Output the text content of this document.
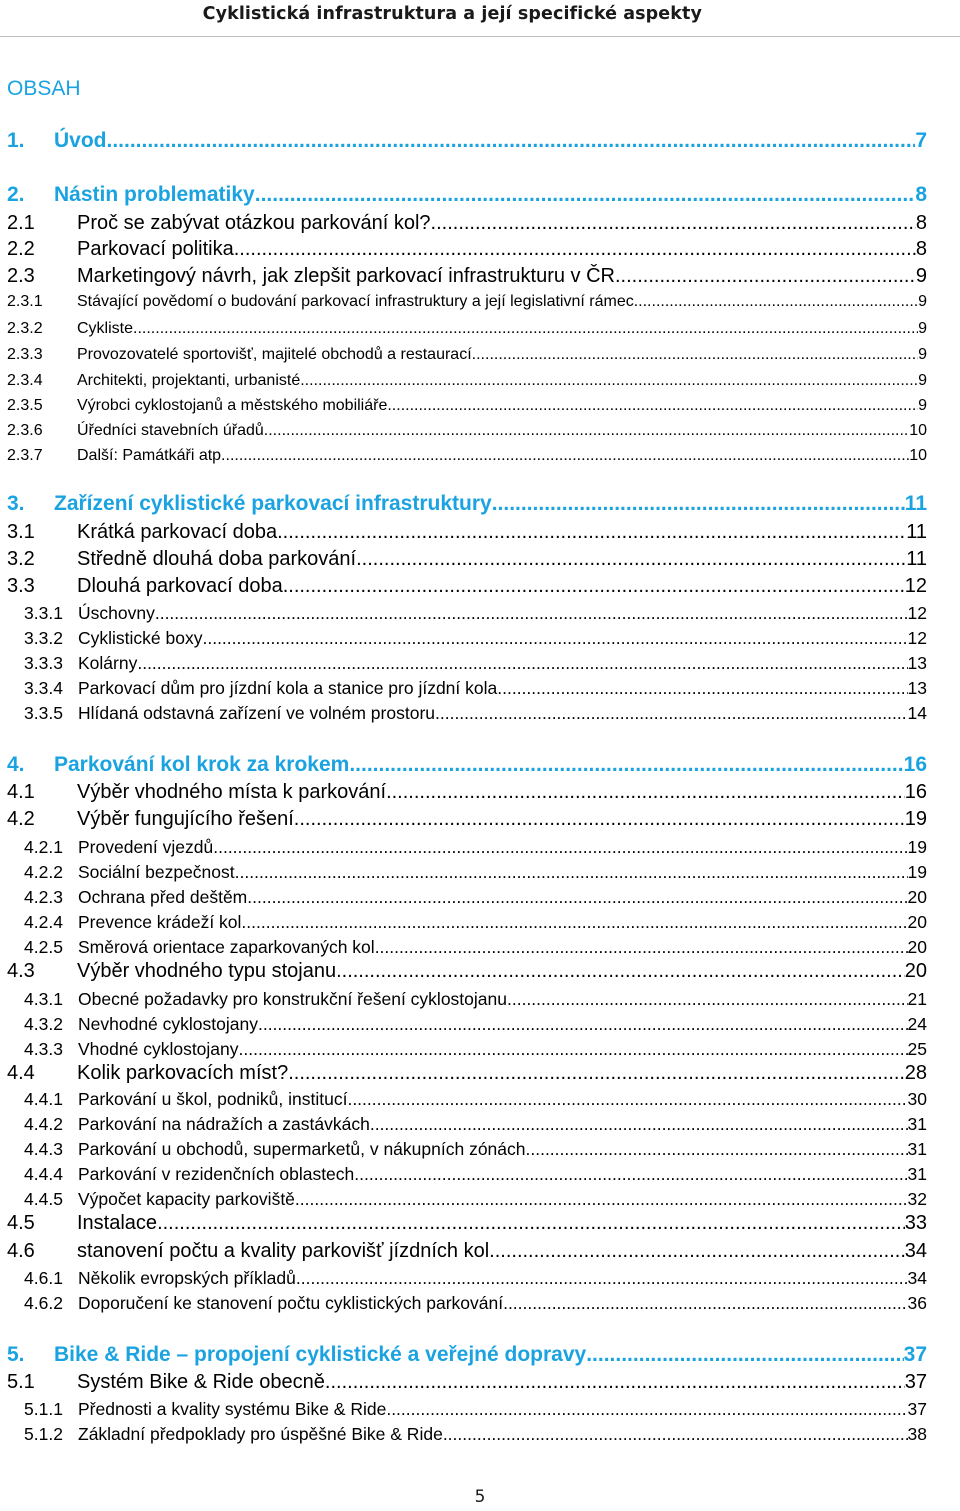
Cyklistická infrastruktura a její specifické aspekty
OBSAH
1.	Úvod .....	7
2.	Nástin problematiky .....	8
2.1	Proč se zabývat otázkou parkování kol? .....	8
2.2	Parkovací politika .....	8
2.3	Marketingový návrh, jak zlepšit parkovací infrastrukturu v ČR .....	9
2.3.1	Stávající povědomí o budování parkovací infrastruktury a její legislativní rámec .....	9
2.3.2	Cykliste .....	9
2.3.3	Provozovatelé sportovišť, majitelé obchodů a restaurací .....	9
2.3.4	Architekti, projektanti, urbanisté .....	9
2.3.5	Výrobci cyklostojanů a městského mobiliáře .....	9
2.3.6	Úředníci stavebních úřadů .....	10
2.3.7	Další: Památkáři atp. .....	10
3.	Zařízení cyklistické parkovací infrastruktury .....	11
3.1	Krátká parkovací doba .....	11
3.2	Středně dlouhá doba parkování .....	11
3.3	Dlouhá parkovací doba .....	12
3.3.1 Úschovny .....	12
3.3.2 Cyklistické boxy .....	12
3.3.3 Kolárny .....	13
3.3.4 Parkovací dům pro jízdní kola a stanice pro jízdní kola .....	13
3.3.5 Hlídaná odstavná zařízení ve volném prostoru .....	14
4.	Parkování kol krok za krokem .....	16
4.1	Výběr vhodného místa k parkování .....	16
4.2	Výběr fungujícího řešení .....	19
4.2.1 Provedení vjezdů .....	19
4.2.2 Sociální bezpečnost .....	19
4.2.3 Ochrana před deštěm .....	20
4.2.4 Prevence krádeží kol .....	20
4.2.5 Směrová orientace zaparkovaných kol .....	20
4.3	Výběr vhodného typu stojanu .....	20
4.3.1 Obecné požadavky pro konstrukční řešení cyklostojanu .....	21
4.3.2 Nevhodné cyklostojany .....	24
4.3.3 Vhodné cyklostojany .....	25
4.4	Kolik parkovacích míst? .....	28
4.4.1 Parkování u škol, podniků, institucí .....	30
4.4.2 Parkování na nádražích a zastávkách .....	31
4.4.3 Parkování u obchodů, supermarketů, v nákupních zónách .....	31
4.4.4 Parkování v rezidenčních oblastech .....	31
4.4.5 Výpočet kapacity parkoviště .....	32
4.5	Instalace .....	33
4.6	stanovení počtu a kvality parkovišť jízdních kol .....	34
4.6.1 Několik evropských příkladů .....	34
4.6.2 Doporučení ke stanovení počtu cyklistických parkování .....	36
5.	Bike & Ride – propojení cyklistické a veřejné dopravy .....	37
5.1	Systém Bike & Ride obecně .....	37
5.1.1 Přednosti a kvality systému Bike & Ride .....	37
5.1.2 Základní předpoklady pro úspěšné Bike & Ride .....	38
5
